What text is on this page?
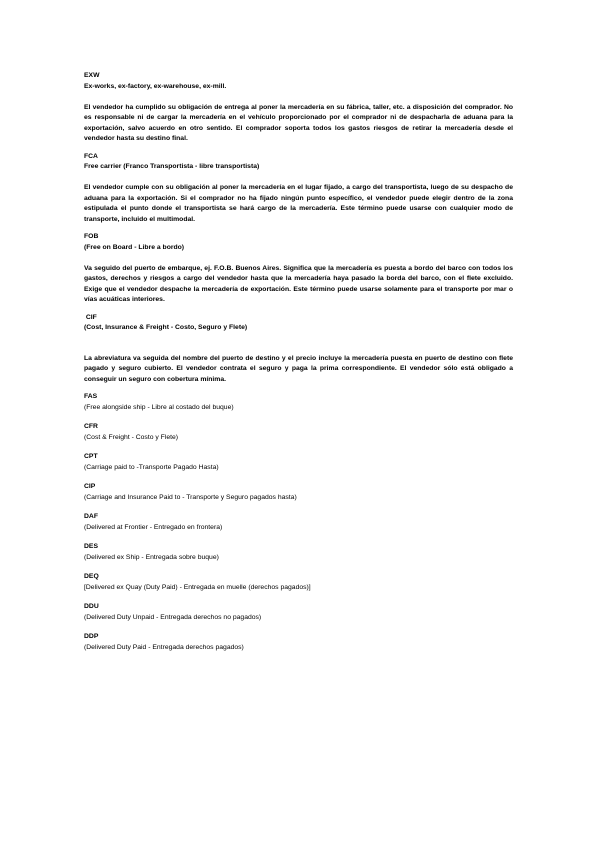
EXW

Ex-works, ex-factory, ex-warehouse, ex-mill.

El vendedor ha cumplido su obligación de entrega al poner la mercadería en su fábrica, taller, etc. a disposición del comprador. No es responsable ni de cargar la mercadería en el vehículo proporcionado por el comprador ni de despacharla de aduana para la exportación, salvo acuerdo en otro sentido. El comprador soporta todos los gastos riesgos de retirar la mercadería desde el vendedor hasta su destino final.

FCA

Free carrier (Franco Transportista - libre transportista)

El vendedor cumple con su obligación al poner la mercadería en el lugar fijado, a cargo del transportista, luego de su despacho de aduana para la exportación. Si el comprador no ha fijado ningún punto específico, el vendedor puede elegir dentro de la zona estipulada el punto donde el transportista se hará cargo de la mercadería. Este término puede usarse con cualquier modo de transporte, incluido el multimodal.

FOB

(Free on Board - Libre a bordo)

Va seguido del puerto de embarque, ej. F.O.B. Buenos Aires. Significa que la mercadería es puesta a bordo del barco con todos los gastos, derechos y riesgos a cargo del vendedor hasta que la mercadería haya pasado la borda del barco, con el flete excluido. Exige que el vendedor despache la mercadería de exportación. Este término puede usarse solamente para el transporte por mar o vías acuáticas interiores.

CIF

(Cost, Insurance & Freight - Costo, Seguro y Flete)

La abreviatura va seguida del nombre del puerto de destino y el precio incluye la mercadería puesta en puerto de destino con flete pagado y seguro cubierto. El vendedor contrata el seguro y paga la prima correspondiente. El vendedor sólo está obligado a conseguir un seguro con cobertura mínima.

FAS

(Free alongside ship - Libre al costado del buque)

CFR

(Cost & Freight - Costo y Flete)

CPT

(Carriage paid to -Transporte Pagado Hasta)

CIP

(Carriage and Insurance Paid to - Transporte y Seguro pagados hasta)

DAF

(Delivered at Frontier - Entregado en frontera)

DES

(Delivered ex Ship - Entregada sobre buque)

DEQ

[Delivered ex Quay (Duty Paid) - Entregada en muelle (derechos pagados)]

DDU

(Delivered Duty Unpaid - Entregada derechos no pagados)

DDP

(Delivered Duty Paid - Entregada derechos pagados)
